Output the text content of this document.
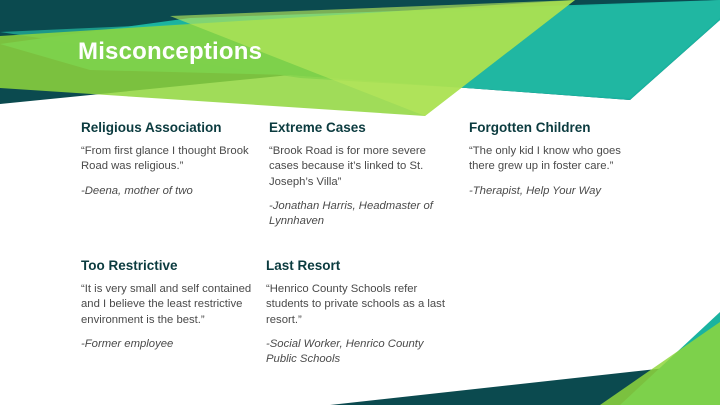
Misconceptions
Religious Association

“From first glance I thought Brook Road was religious.”

-Deena, mother of two

Extreme Cases

“Brook Road is for more severe cases because it’s linked to St. Joseph’s Villa”

-Jonathan Harris, Headmaster of Lynnhaven

Forgotten Children

“The only kid I know who goes there grew up in foster care.”

-Therapist, Help Your Way

Too Restrictive

“It is very small and self contained and I believe the least restrictive environment is the best.”

-Former employee

Last Resort

“Henrico County Schools refer students to private schools as a last resort.”

-Social Worker, Henrico County Public Schools
